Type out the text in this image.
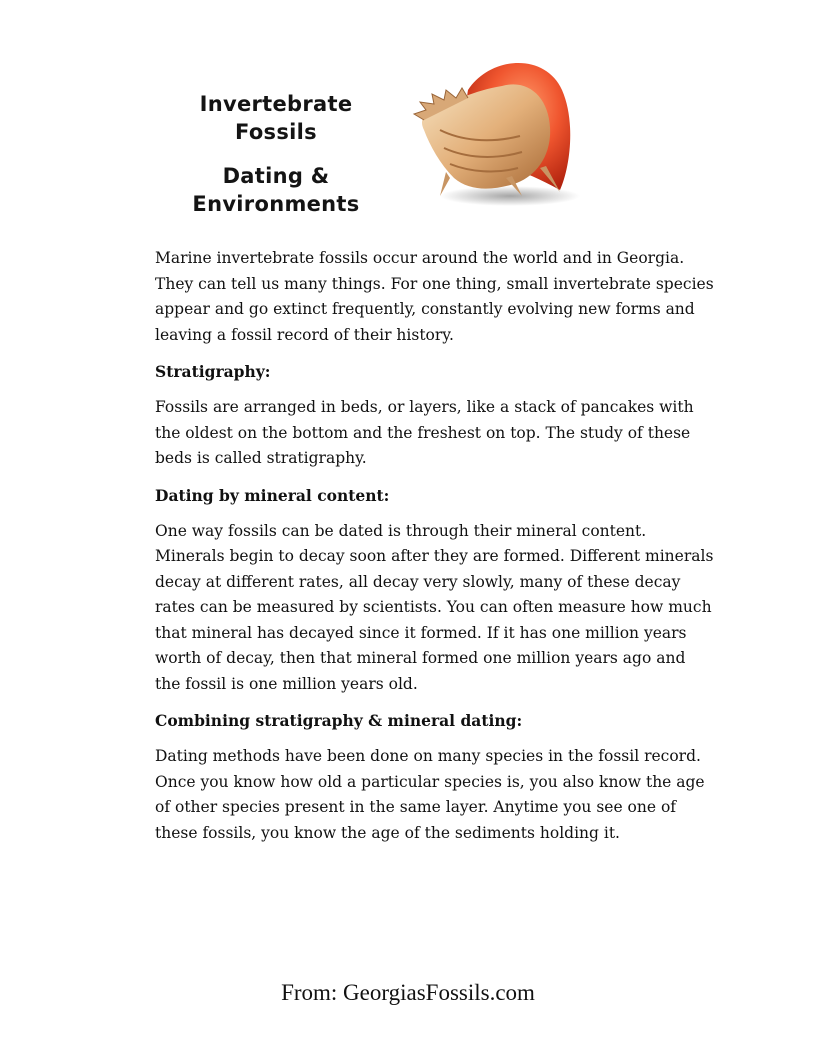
Invertebrate
Fossils
Dating &
Environments

Marine invertebrate fossils occur around the world and in Georgia. They can tell us many things. For one thing, small invertebrate species appear and go extinct frequently, constantly evolving new forms and leaving a fossil record of their history.

Stratigraphy:

Fossils are arranged in beds, or layers, like a stack of pancakes with the oldest on the bottom and the freshest on top. The study of these beds is called stratigraphy.

Dating by mineral content:

One way fossils can be dated is through their mineral content. Minerals begin to decay soon after they are formed. Different minerals decay at different rates, all decay very slowly, many of these decay rates can be measured by scientists. You can often measure how much that mineral has decayed since it formed. If it has one million years worth of decay, then that mineral formed one million years ago and the fossil is one million years old.

Combining stratigraphy & mineral dating:

Dating methods have been done on many species in the fossil record. Once you know how old a particular species is, you also know the age of other species present in the same layer. Anytime you see one of these fossils, you know the age of the sediments holding it.

From: GeorgiasFossils.com
